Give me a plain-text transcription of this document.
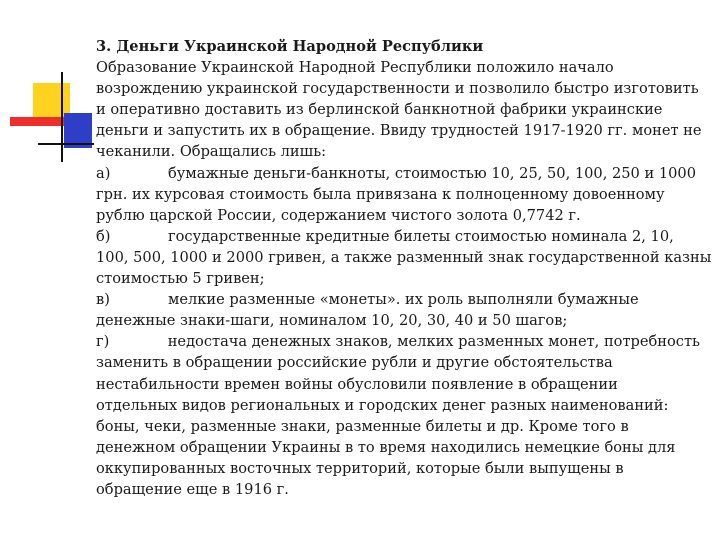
3. Деньги Украинской Народной Республики
Образование Украинской Народной Республики положило начало
возрождению украинской государственности и позволило быстро изготовить
и оперативно доставить из берлинской банкнотной фабрики украинские
деньги и запустить их в обращение. Ввиду трудностей 1917-1920 гг. монет не
чеканили. Обращались лишь:
а)	бумажные деньги-банкноты, стоимостью 10, 25, 50, 100, 250 и 1000
грн. их курсовая стоимость была привязана к полноценному довоенному
рублю царской России, содержанием чистого золота 0,7742 г.
б)	государственные кредитные билеты стоимостью номинала 2, 10,
100, 500, 1000 и 2000 гривен, а также разменный знак государственной казны
стоимостью 5 гривен;
в)	мелкие разменные «монеты». их роль выполняли бумажные
денежные знаки-шаги, номиналом 10, 20, 30, 40 и 50 шагов;
г)	недостача денежных знаков, мелких разменных монет, потребность
заменить в обращении российские рубли и другие обстоятельства
нестабильности времен войны обусловили появление в обращении
отдельных видов региональных и городских денег разных наименований:
боны, чеки, разменные знаки, разменные билеты и др. Кроме того в
денежном обращении Украины в то время находились немецкие боны для
оккупированных восточных территорий, которые были выпущены в
обращение еще в 1916 г.
